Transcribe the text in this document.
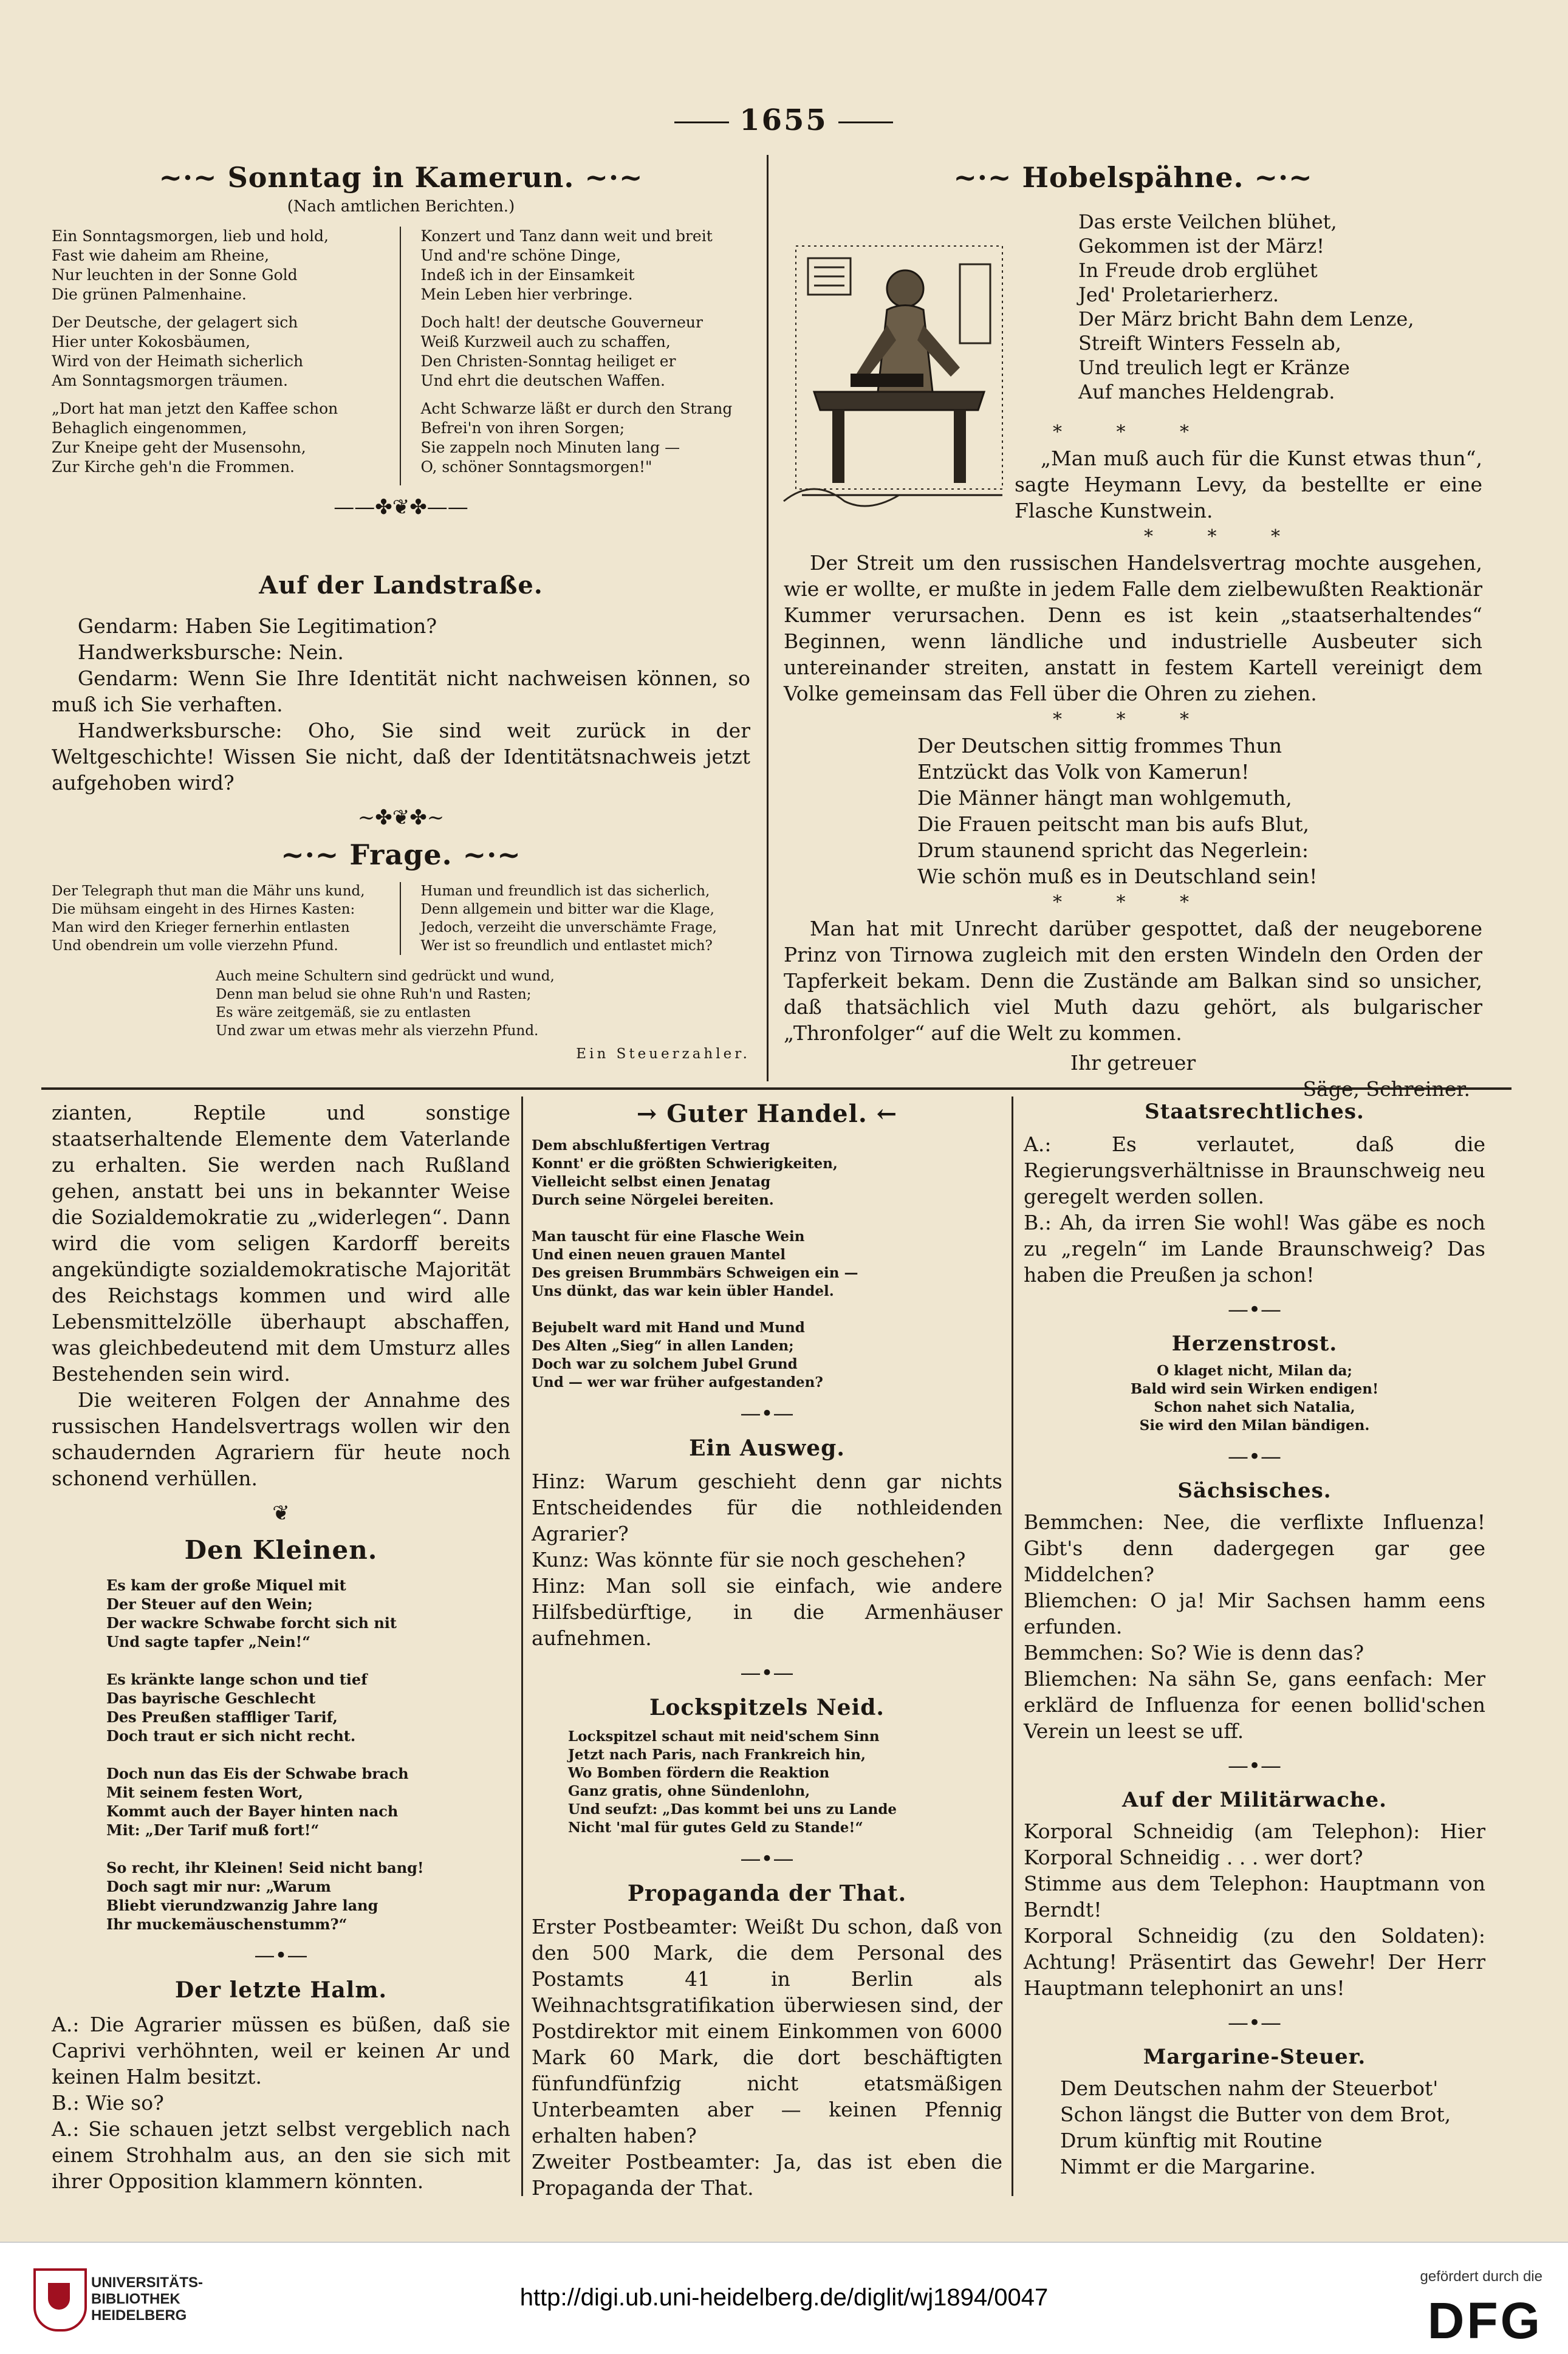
1655
~·~ Sonntag in Kamerun. ~·~
(Nach amtlichen Berichten.)

Ein Sonntagsmorgen, lieb und hold,
Fast wie daheim am Rheine,
Nur leuchten in der Sonne Gold
Die grünen Palmenhaine.

Der Deutsche, der gelagert sich
Hier unter Kokosbäumen,
Wird von der Heimath sicherlich
Am Sonntagsmorgen träumen.

„Dort hat man jetzt den Kaffee schon
Behaglich eingenommen,
Zur Kneipe geht der Musensohn,
Zur Kirche geh'n die Frommen.

Konzert und Tanz dann weit und breit
Und and're schöne Dinge,
Indeß ich in der Einsamkeit
Mein Leben hier verbringe.

Doch halt! der deutsche Gouverneur
Weiß Kurzweil auch zu schaffen,
Den Christen-Sonntag heiliget er
Und ehrt die deutschen Waffen.

Acht Schwarze läßt er durch den Strang
Befrei'n von ihren Sorgen;
Sie zappeln noch Minuten lang —
O, schöner Sonntagsmorgen!"

——✤❦✤——
Auf der Landstraße.

Gendarm: Haben Sie Legitimation?

Handwerksbursche: Nein.

Gendarm: Wenn Sie Ihre Identität nicht nachweisen können, so muß ich Sie verhaften.

Handwerksbursche: Oho, Sie sind weit zurück in der Weltgeschichte! Wissen Sie nicht, daß der Identitätsnachweis jetzt aufgehoben wird?

~✤❦✤~
~·~ Frage. ~·~
Der Telegraph thut man die Mähr uns kund,
Die mühsam eingeht in des Hirnes Kasten:
Man wird den Krieger fernerhin entlasten
Und obendrein um volle vierzehn Pfund.
Human und freundlich ist das sicherlich,
Denn allgemein und bitter war die Klage,
Jedoch, verzeiht die unverschämte Frage,
Wer ist so freundlich und entlastet mich?
Auch meine Schultern sind gedrückt und wund,
Denn man belud sie ohne Ruh'n und Rasten;
Es wäre zeitgemäß, sie zu entlasten
Und zwar um etwas mehr als vierzehn Pfund.
Ein Steuerzahler.
~·~ Hobelspähne. ~·~
Das erste Veilchen blühet,
Gekommen ist der März!
In Freude drob erglühet
Jed' Proletarierherz.
Der März bricht Bahn dem Lenze,
Streift Winters Fesseln ab,
Und treulich legt er Kränze
Auf manches Heldengrab.
* * *

„Man muß auch für die Kunst etwas thun“, sagte Heymann Levy, da bestellte er eine Flasche Kunstwein.

* * *

Der Streit um den russischen Handelsvertrag mochte ausgehen, wie er wollte, er mußte in jedem Falle dem zielbewußten Reaktionär Kummer verursachen. Denn es ist kein „staatserhaltendes“ Beginnen, wenn ländliche und industrielle Ausbeuter sich untereinander streiten, anstatt in festem Kartell vereinigt dem Volke gemeinsam das Fell über die Ohren zu ziehen.

* * *
Der Deutschen sittig frommes Thun
Entzückt das Volk von Kamerun!
Die Männer hängt man wohlgemuth,
Die Frauen peitscht man bis aufs Blut,
Drum staunend spricht das Negerlein:
Wie schön muß es in Deutschland sein!
* * *

Man hat mit Unrecht darüber gespottet, daß der neugeborene Prinz von Tirnowa zugleich mit den ersten Windeln den Orden der Tapferkeit bekam. Denn die Zustände am Balkan sind so unsicher, daß thatsächlich viel Muth dazu gehört, als bulgarischer „Thronfolger“ auf die Welt zu kommen.

Ihr getreuer
Säge, Schreiner.

zianten, Reptile und sonstige staatserhaltende Elemente dem Vaterlande zu erhalten. Sie werden nach Rußland gehen, anstatt bei uns in bekannter Weise die Sozialdemokratie zu „widerlegen“. Dann wird die vom seligen Kardorff bereits angekündigte sozialdemokratische Majorität des Reichstags kommen und wird alle Lebensmittelzölle überhaupt abschaffen, was gleichbedeutend mit dem Umsturz alles Bestehenden sein wird.

Die weiteren Folgen der Annahme des russischen Handelsvertrags wollen wir den schaudernden Agrariern für heute noch schonend verhüllen.

❦
Den Kleinen.
Es kam der große Miquel mit
Der Steuer auf den Wein;
Der wackre Schwabe forcht sich nit
Und sagte tapfer „Nein!“

Es kränkte lange schon und tief
Das bayrische Geschlecht
Des Preußen staffliger Tarif,
Doch traut er sich nicht recht.

Doch nun das Eis der Schwabe brach
Mit seinem festen Wort,
Kommt auch der Bayer hinten nach
Mit: „Der Tarif muß fort!“

So recht, ihr Kleinen! Seid nicht bang!
Doch sagt mir nur: „Warum
Bliebt vierundzwanzig Jahre lang
Ihr muckemäuschenstumm?“
—•—
Der letzte Halm.
A.: Die Agrarier müssen es büßen, daß sie Caprivi verhöhnten, weil er keinen Ar und keinen Halm besitzt.
B.: Wie so?
A.: Sie schauen jetzt selbst vergeblich nach einem Strohhalm aus, an den sie sich mit ihrer Opposition klammern könnten.
→ Guter Handel. ←
Dem abschlußfertigen Vertrag
Konnt' er die größten Schwierigkeiten,
Vielleicht selbst einen Jenatag
Durch seine Nörgelei bereiten.

Man tauscht für eine Flasche Wein
Und einen neuen grauen Mantel
Des greisen Brummbärs Schweigen ein —
Uns dünkt, das war kein übler Handel.

Bejubelt ward mit Hand und Mund
Des Alten „Sieg“ in allen Landen;
Doch war zu solchem Jubel Grund
Und — wer war früher aufgestanden?
—•—
Ein Ausweg.
Hinz: Warum geschieht denn gar nichts Entscheidendes für die nothleidenden Agrarier?
Kunz: Was könnte für sie noch geschehen?
Hinz: Man soll sie einfach, wie andere Hilfsbedürftige, in die Armenhäuser aufnehmen.
—•—
Lockspitzels Neid.
Lockspitzel schaut mit neid'schem Sinn
Jetzt nach Paris, nach Frankreich hin,
Wo Bomben fördern die Reaktion
Ganz gratis, ohne Sündenlohn,
Und seufzt: „Das kommt bei uns zu Lande
Nicht 'mal für gutes Geld zu Stande!“
—•—
Propaganda der That.
Erster Postbeamter: Weißt Du schon, daß von den 500 Mark, die dem Personal des Postamts 41 in Berlin als Weihnachtsgratifikation überwiesen sind, der Postdirektor mit einem Einkommen von 6000 Mark 60 Mark, die dort beschäftigten fünfundfünfzig nicht etatsmäßigen Unterbeamten aber — keinen Pfennig erhalten haben?
Zweiter Postbeamter: Ja, das ist eben die Propaganda der That.
Staatsrechtliches.
A.: Es verlautet, daß die Regierungsverhältnisse in Braunschweig neu geregelt werden sollen.
B.: Ah, da irren Sie wohl! Was gäbe es noch zu „regeln“ im Lande Braunschweig? Das haben die Preußen ja schon!
—•—
Herzenstrost.
O klaget nicht, Milan da;
Bald wird sein Wirken endigen!
Schon nahet sich Natalia,
Sie wird den Milan bändigen.
—•—
Sächsisches.
Bemmchen: Nee, die verflixte Influenza! Gibt's denn dadergegen gar gee Middelchen?
Bliemchen: O ja! Mir Sachsen hamm eens erfunden.
Bemmchen: So? Wie is denn das?
Bliemchen: Na sähn Se, gans eenfach: Mer erklärd de Influenza for eenen bollid'schen Verein un leest se uff.
—•—
Auf der Militärwache.
Korporal Schneidig (am Telephon): Hier Korporal Schneidig . . . wer dort?
Stimme aus dem Telephon: Hauptmann von Berndt!
Korporal Schneidig (zu den Soldaten): Achtung! Präsentirt das Gewehr! Der Herr Hauptmann telephonirt an uns!
—•—
Margarine-Steuer.
Dem Deutschen nahm der Steuerbot'
Schon längst die Butter von dem Brot,
Drum künftig mit Routine
Nimmt er die Margarine.
UNIVERSITÄTS-
BIBLIOTHEK
HEIDELBERG
http://digi.ub.uni-heidelberg.de/diglit/wj1894/0047
gefördert durch die
DFG
